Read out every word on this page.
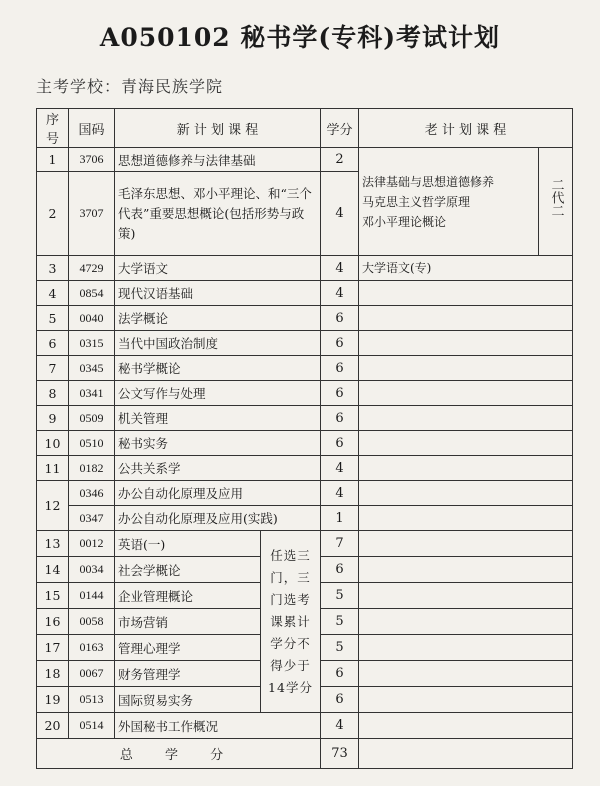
A050102 秘书学(专科)考试计划
主考学校：青海民族学院
序号	国码	新 计 划 课 程		学分	老 计 划 课 程	
1	3706	思想道德修养与法律基础		2	法律基础与思想道德修养
马克思主义哲学原理
邓小平理论概论	二代二
2	3707	毛泽东思想、邓小平理论、和“三个代表”重要思想概论(包括形势与政策)		4		
3	4729	大学语文		4	大学语文(专)	
4	0854	现代汉语基础		4		
5	0040	法学概论		6		
6	0315	当代中国政治制度		6		
7	0345	秘书学概论		6		
8	0341	公文写作与处理		6		
9	0509	机关管理		6		
10	0510	秘书实务		6		
11	0182	公共关系学		4		
12	0346	办公自动化原理及应用		4		
	0347	办公自动化原理及应用(实践)		1		
13	0012	英语(一)	任选三门，三门选考课累计学分不得少于14学分	7		
14	0034	社会学概论		6		
15	0144	企业管理概论		5		
16	0058	市场营销		5		
17	0163	管理心理学		5		
18	0067	财务管理学		6		
19	0513	国际贸易实务		6		
20	0514	外国秘书工作概况		4		
总 学 分				73		
